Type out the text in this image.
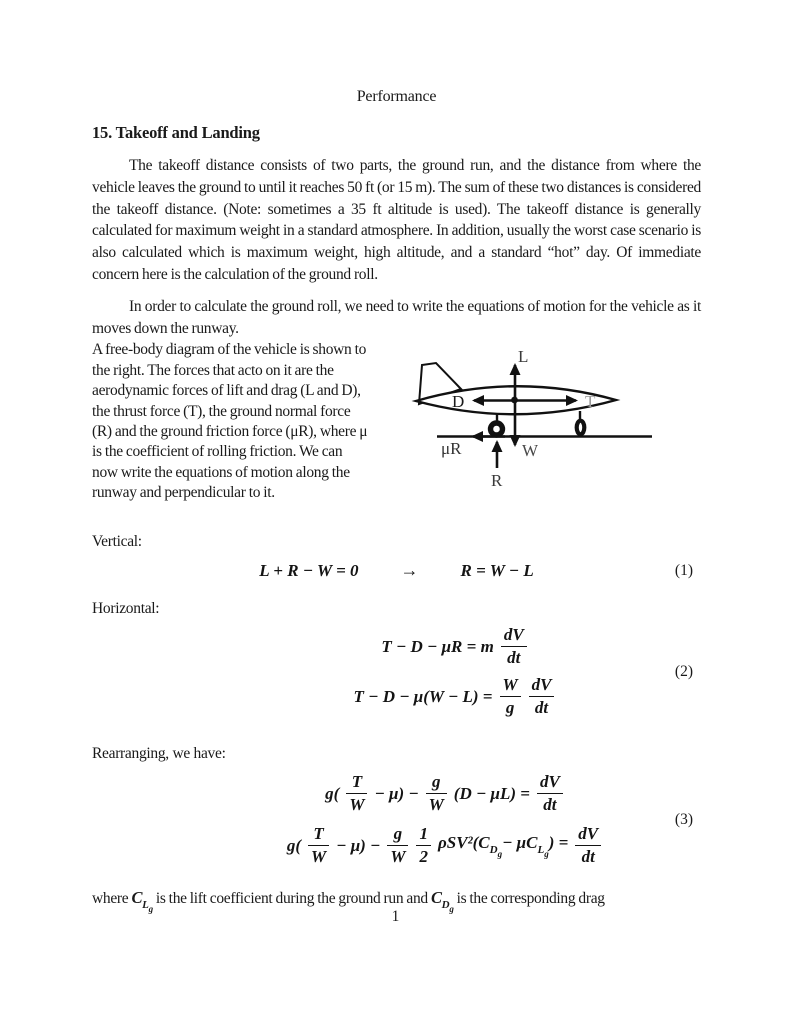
Performance
15. Takeoff and Landing

The takeoff distance consists of two parts, the ground run, and the distance from where the vehicle leaves the ground to until it reaches 50 ft (or 15 m). The sum of these two distances is considered the takeoff distance. (Note: sometimes a 35 ft altitude is used). The takeoff distance is generally calculated for maximum weight in a standard atmosphere. In addition, usually the worst case scenario is also calculated which is maximum weight, high altitude, and a standard “hot” day. Of immediate concern here is the calculation of the ground roll.

In order to calculate the ground roll, we need to write the equations of motion for the vehicle as it moves down the runway.

L
D	T
W
μR
R

A free-body diagram of the vehicle is shown to the right. The forces that acto on it are the aerodynamic forces of lift and drag (L and D), the thrust force (T), the ground normal force (R) and the ground friction force (μR), where μ is the coefficient of rolling friction. We can now write the equations of motion along the runway and perpendicular to it.

Vertical:
L + R − W = 0 → R = W − L	(1)
Horizontal:
T − D − μR = m $\frac{dV}{dt}$
$T - D - \mu(W - L) = \frac{W}{g} \frac{dV}{dt}$
(2)
Rearranging, we have:
$g( \frac{T}{W} - \mu) - \frac{g}{W} (D - \mu L) = \frac{dV}{dt}$
$g( \frac{T}{W} - \mu) - \frac{g}{W} \frac{1}{2} \rho SV^2(C_{Dg}- \mu C_{Lg}) = \frac{dV}{dt}$
(3)

where $C_{Lg}$ is the lift coefficient during the ground run and $C_{Dg}$ is the corresponding drag

1
